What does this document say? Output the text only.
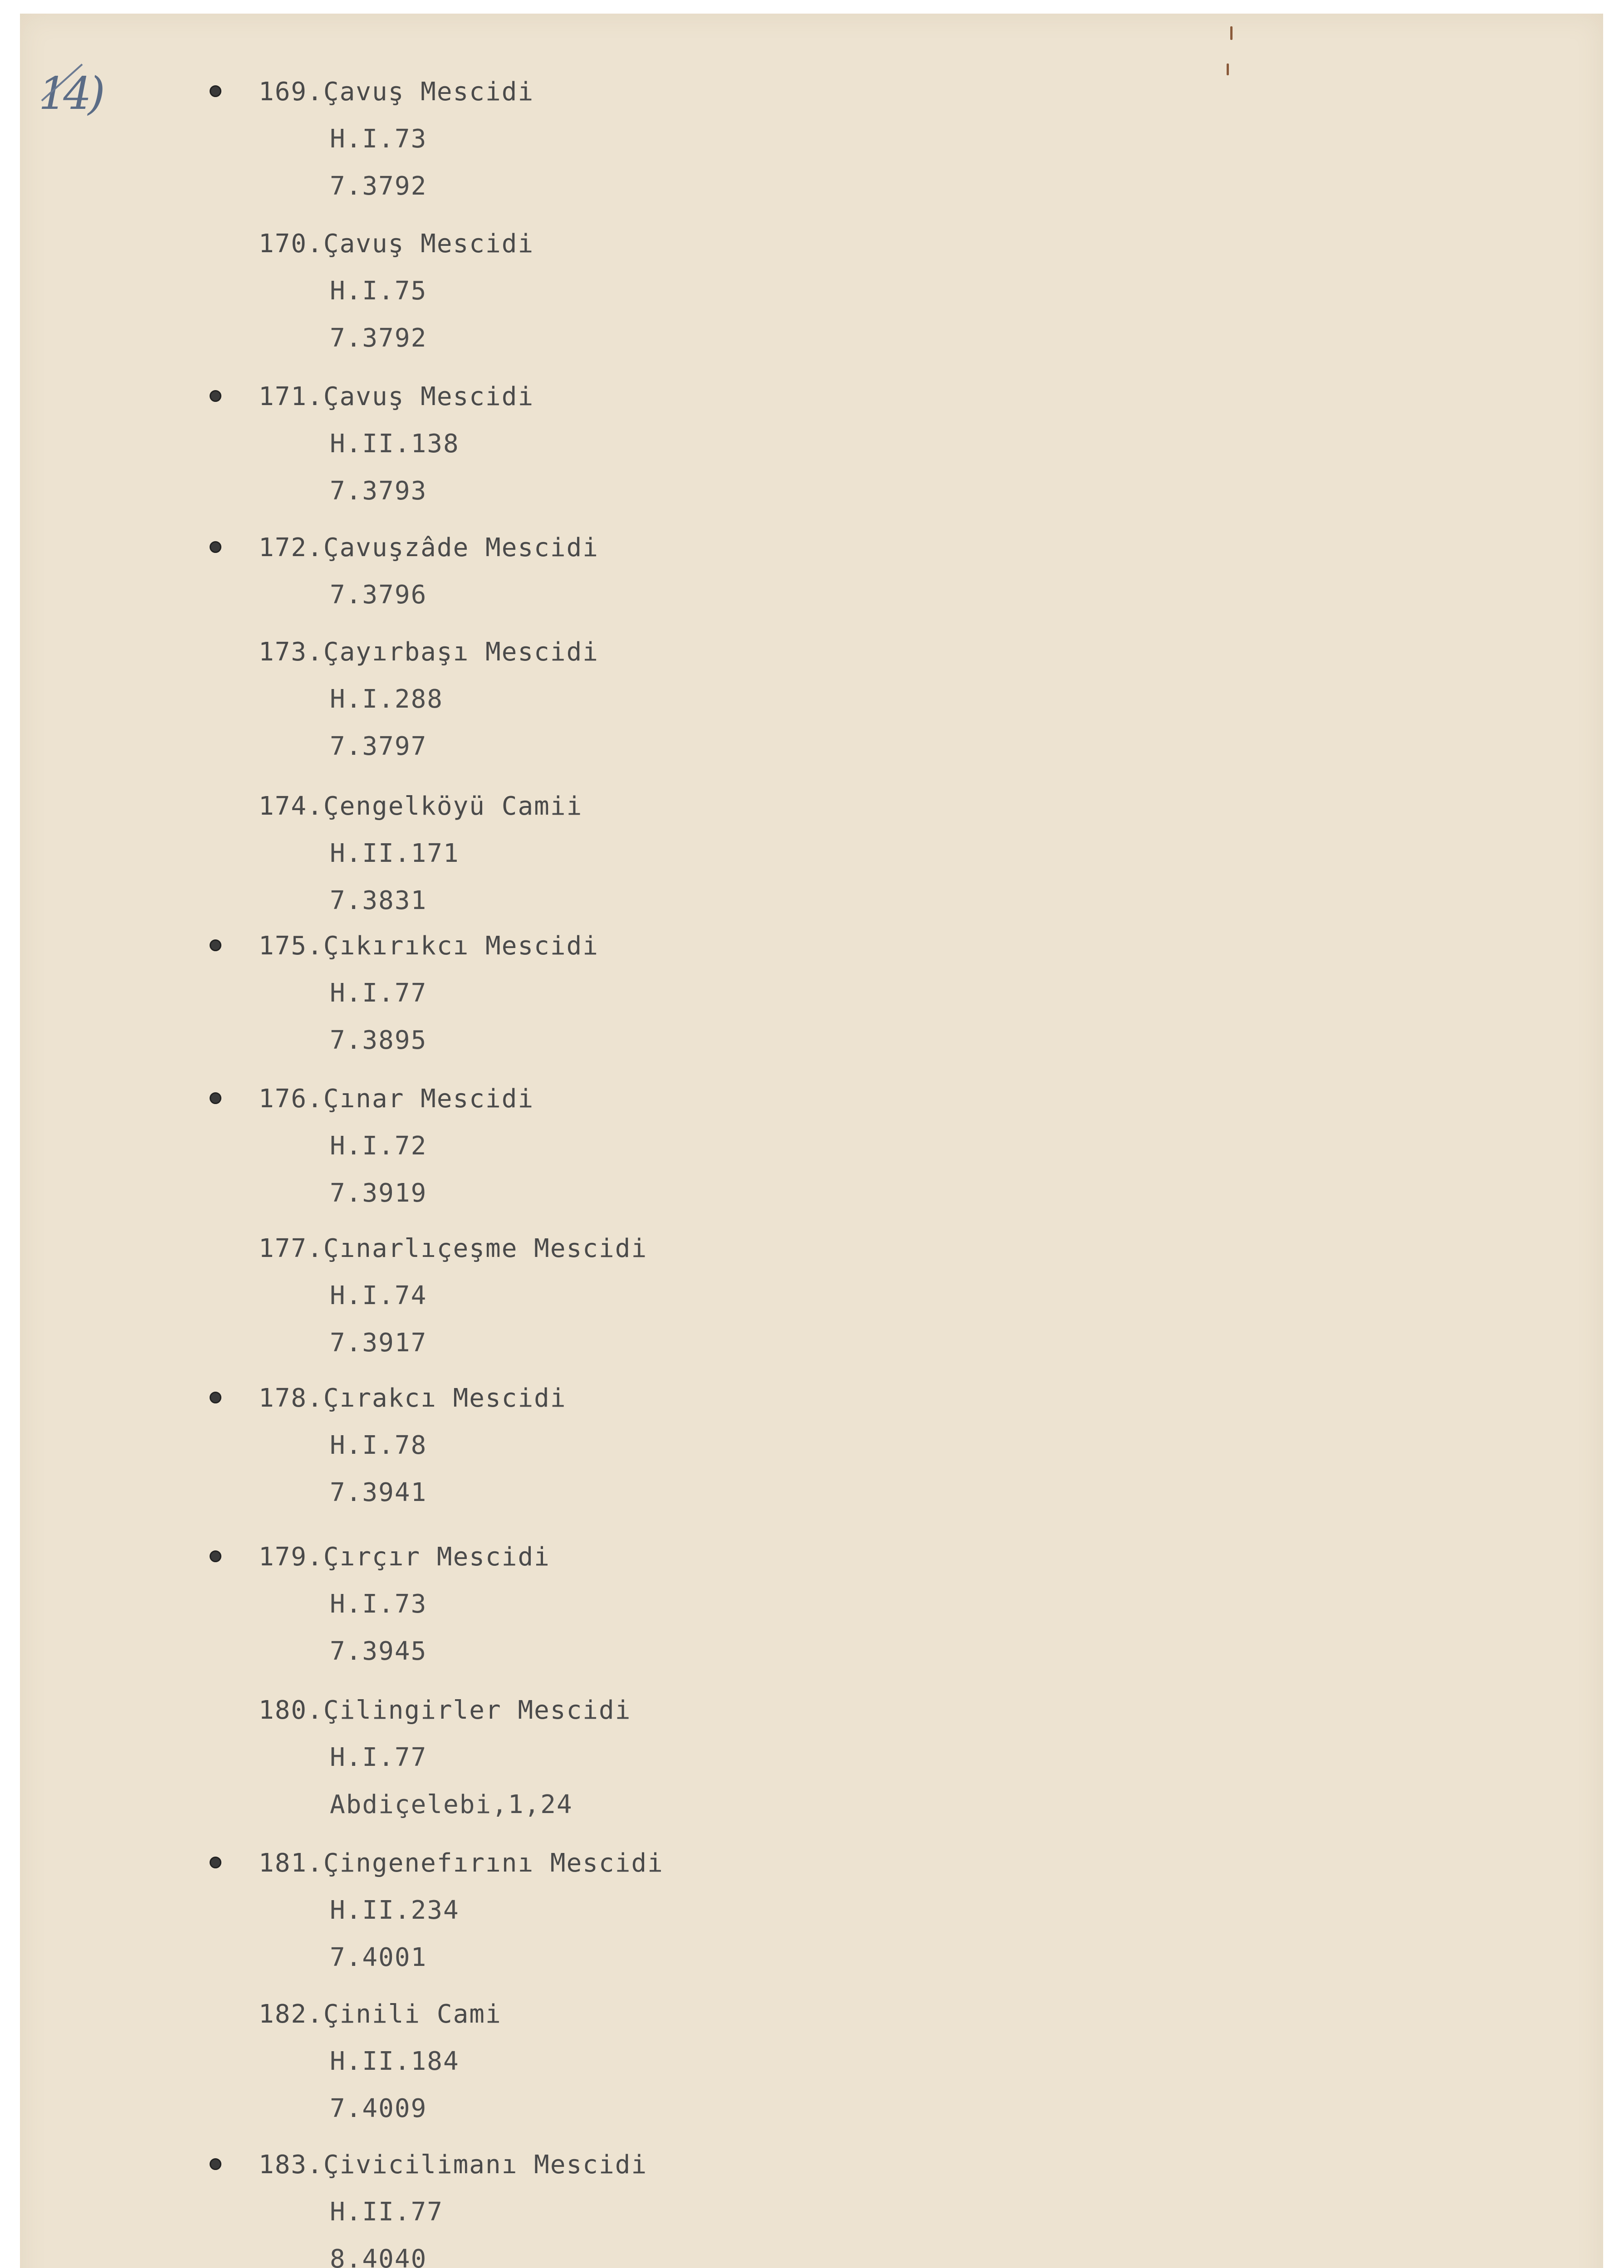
14)	169.Çavuş Mescidi
H.I.73
7.3792
170.Çavuş Mescidi
H.I.75
7.3792
171.Çavuş Mescidi
H.II.138
7.3793
172.Çavuşzâde Mescidi
7.3796
173.Çayırbaşı Mescidi
H.I.288
7.3797
174.Çengelköyü Camii
H.II.171
7.3831
175.Çıkırıkcı Mescidi
H.I.77
7.3895
176.Çınar Mescidi
H.I.72
7.3919
177.Çınarlıçeşme Mescidi
H.I.74
7.3917
178.Çırakcı Mescidi
H.I.78
7.3941
179.Çırçır Mescidi
H.I.73
7.3945
180.Çilingirler Mescidi
H.I.77
Abdiçelebi,1,24
181.Çingenefırını Mescidi
H.II.234
7.4001
182.Çinili Cami
H.II.184
7.4009
183.Çivicilimanı Mescidi
H.II.77
8.4040
